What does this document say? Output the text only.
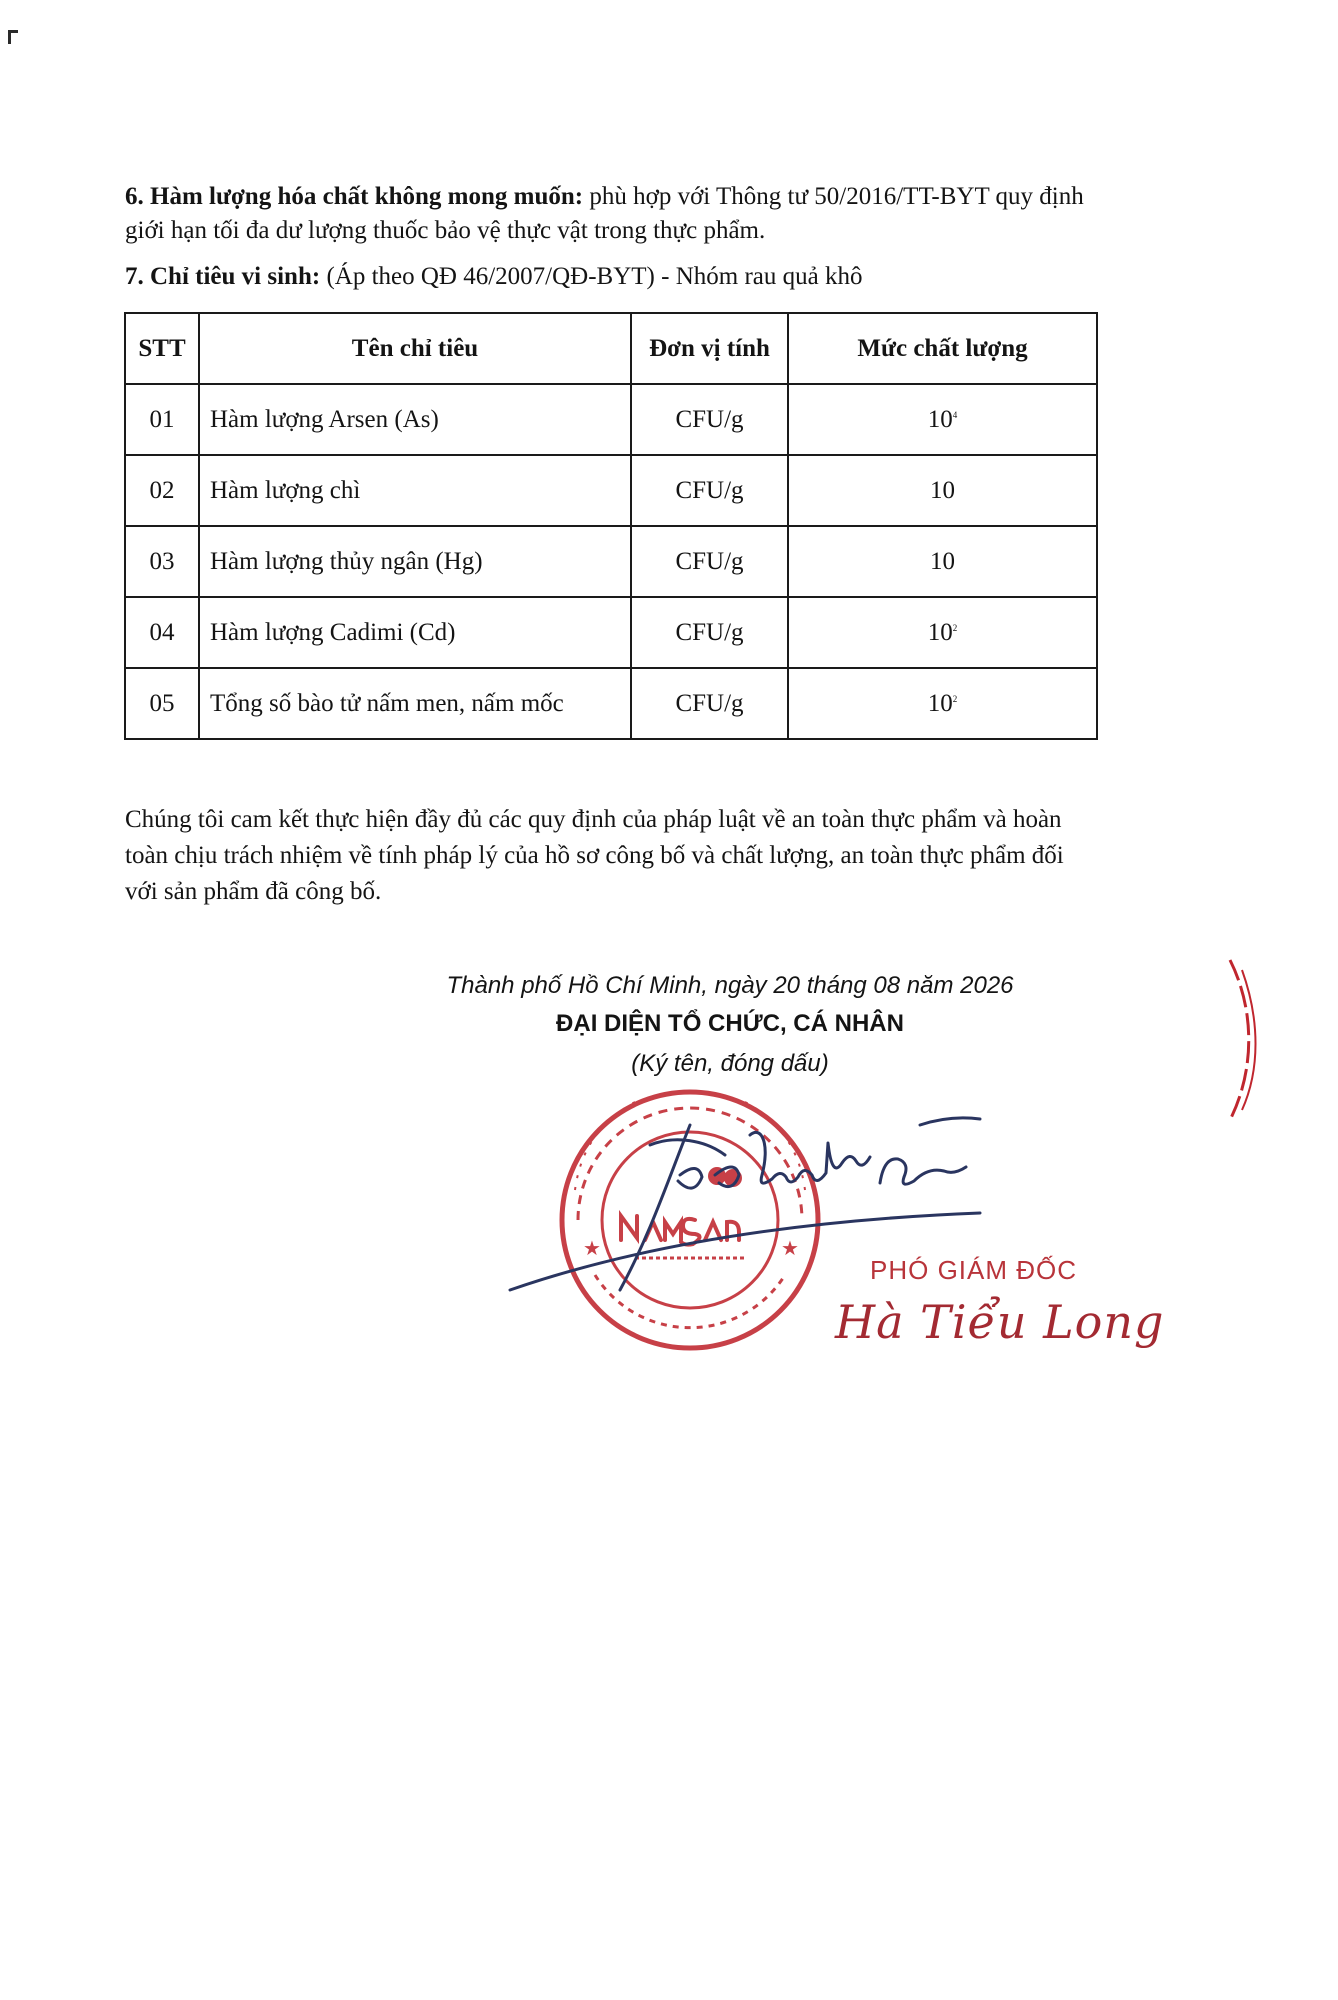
6. Hàm lượng hóa chất không mong muốn: phù hợp với Thông tư 50/2016/TT-BYT quy định giới hạn tối đa dư lượng thuốc bảo vệ thực vật trong thực phẩm.
7. Chỉ tiêu vi sinh: (Áp theo QĐ 46/2007/QĐ-BYT) - Nhóm rau quả khô
STT	Tên chỉ tiêu	Đơn vị tính	Mức chất lượng
01	Hàm lượng Arsen (As)	CFU/g	$10^4$
02	Hàm lượng chì	CFU/g	10
03	Hàm lượng thủy ngân (Hg)	CFU/g	10
04	Hàm lượng Cadimi (Cd)	CFU/g	$10^2$
05	Tổng số bào tử nấm men, nấm mốc	CFU/g	$10^2$
Chúng tôi cam kết thực hiện đầy đủ các quy định của pháp luật về an toàn thực phẩm và hoàn toàn chịu trách nhiệm về tính pháp lý của hồ sơ công bố và chất lượng, an toàn thực phẩm đối với sản phẩm đã công bố.
Thành phố Hồ Chí Minh, ngày 20 tháng 08 năm 2026
ĐẠI DIỆN TỔ CHỨC, CÁ NHÂN
(Ký tên, đóng dấu)
★	★
PHÓ GIÁM ĐỐC
Hà Tiểu Long
